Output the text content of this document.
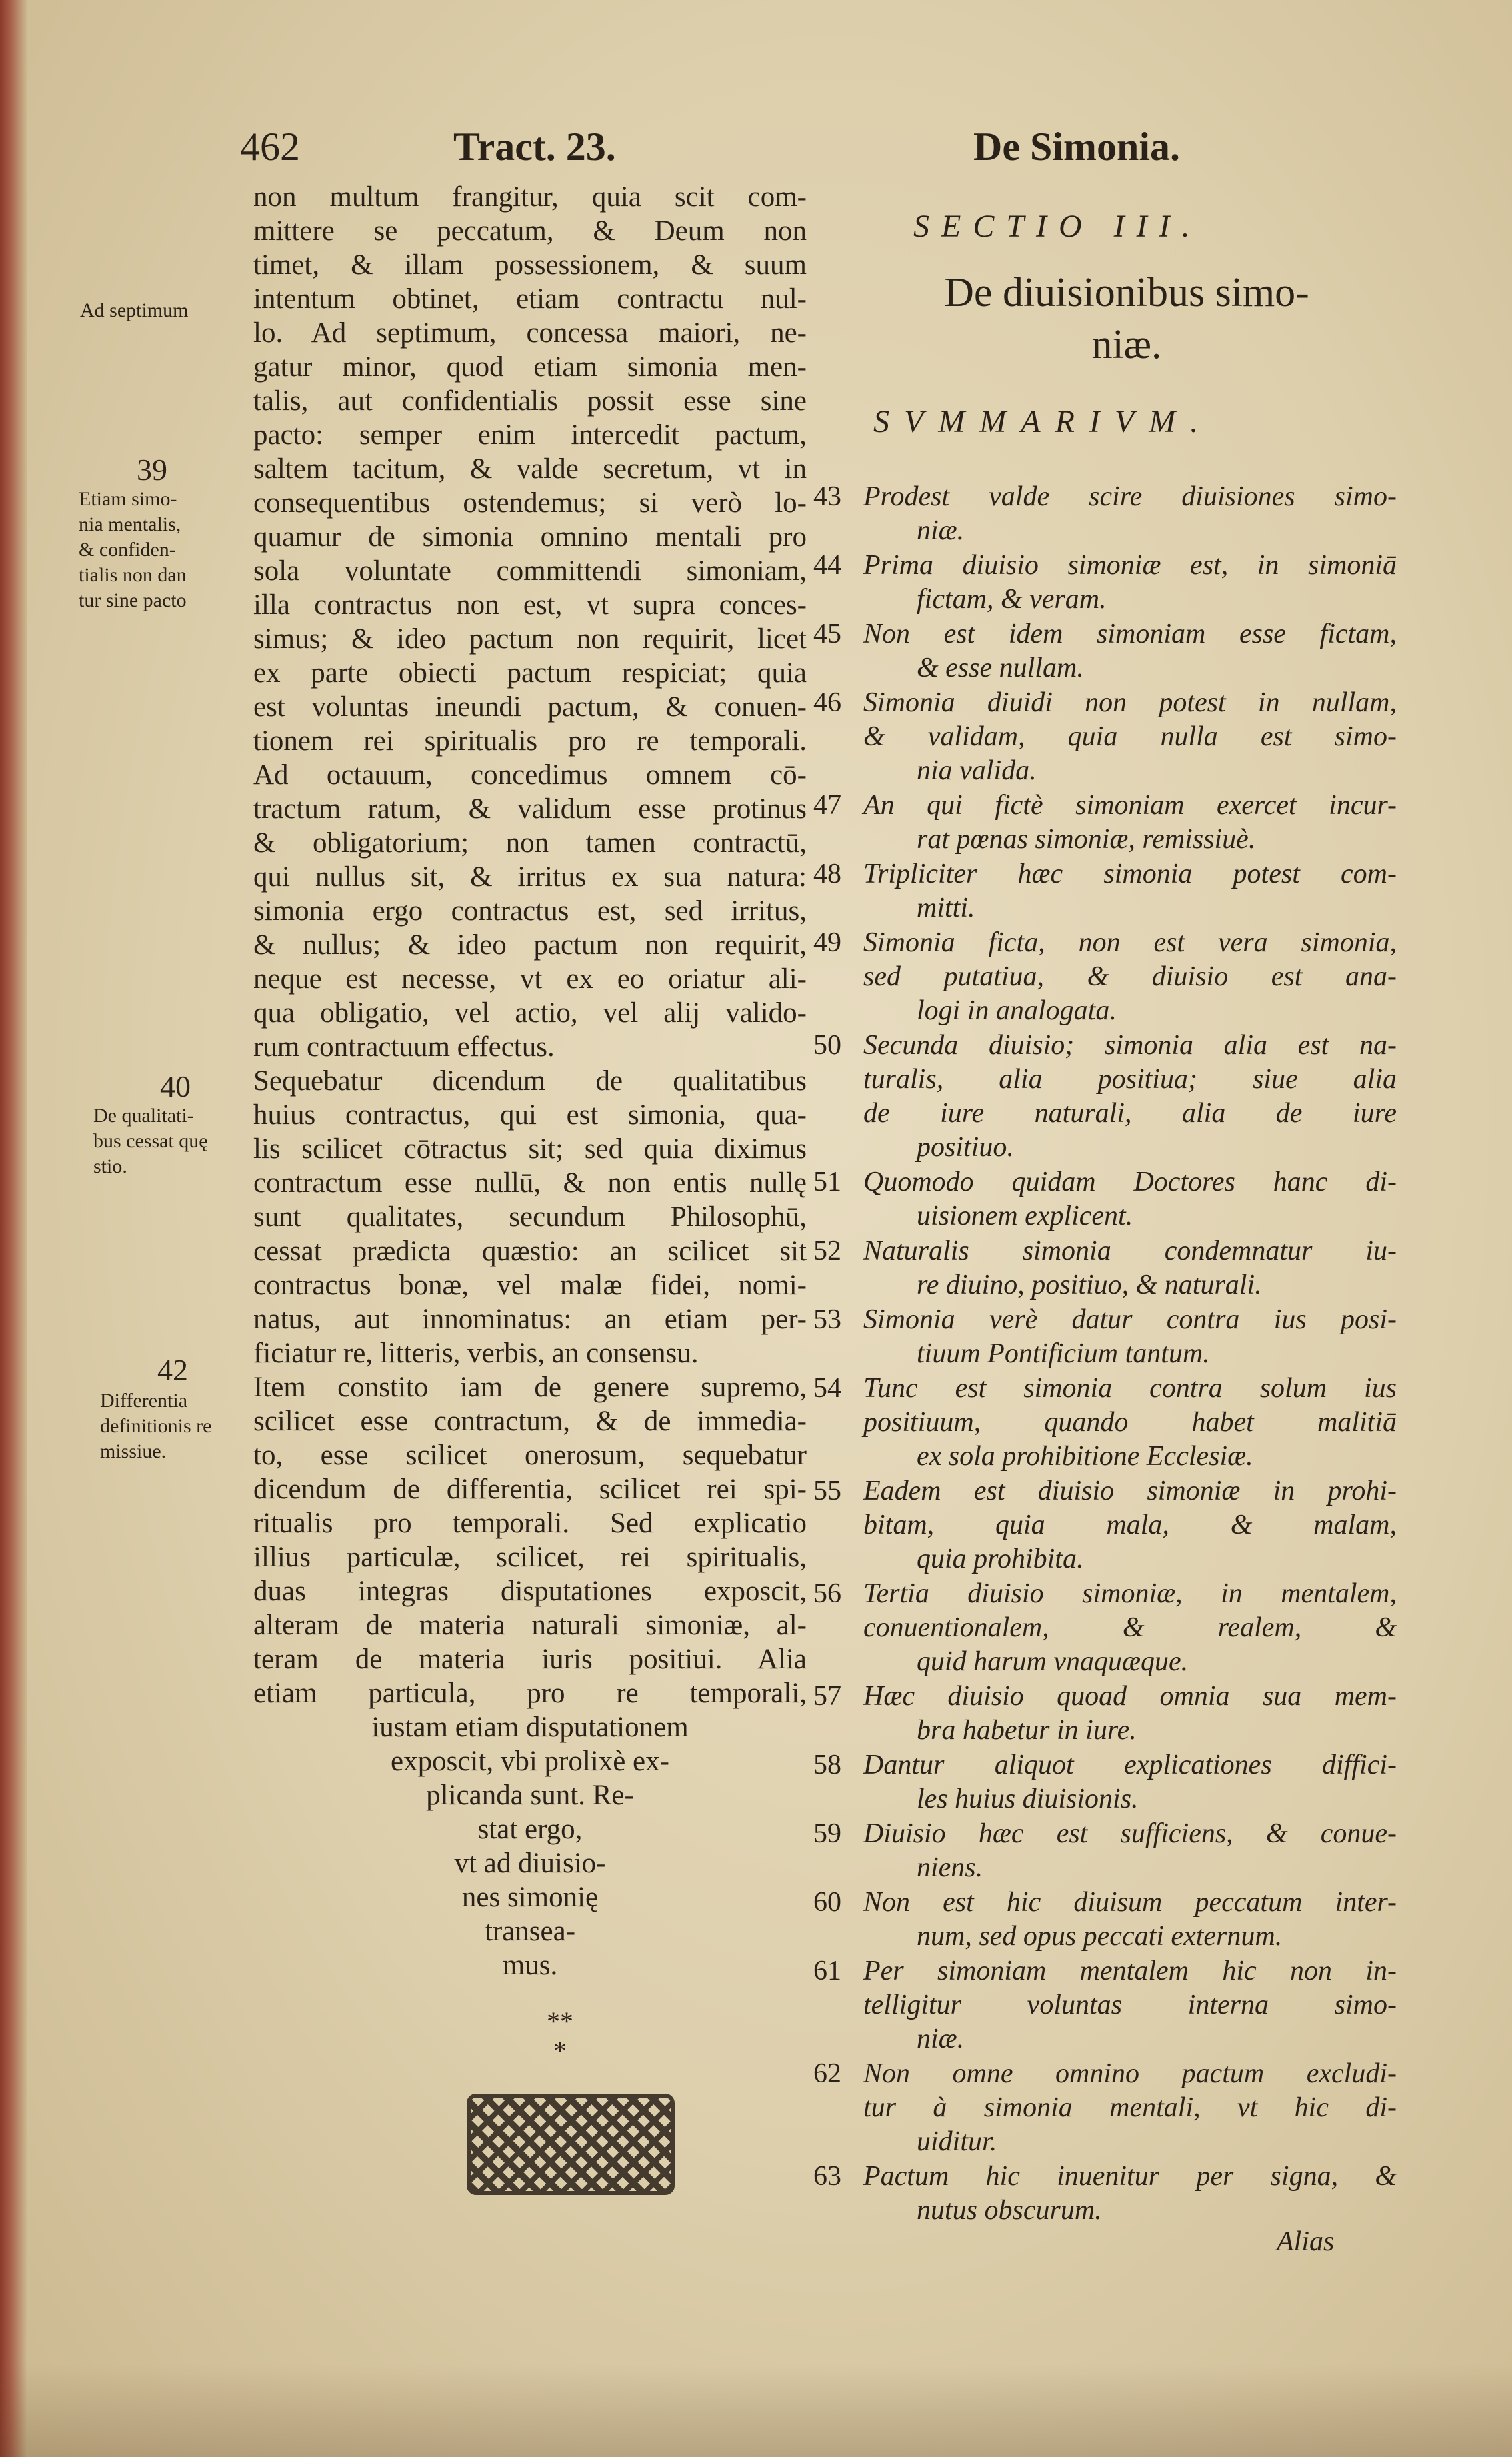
462	Tract. 23.	De Simonia.
non multum frangitur, quia scit com-
mittere se peccatum, & Deum non
timet, & illam possessionem, & suum
intentum obtinet, etiam contractu nul-
lo. Ad septimum, concessa maiori, ne-
gatur minor, quod etiam simonia men-
talis, aut confidentialis possit esse sine
pacto: semper enim intercedit pactum,
saltem tacitum, & valde secretum, vt in
consequentibus ostendemus; si verò lo-
quamur de simonia omnino mentali pro
sola voluntate committendi simoniam,
illa contractus non est, vt supra conces-
simus; & ideo pactum non requirit, licet
ex parte obiecti pactum respiciat; quia
est voluntas ineundi pactum, & conuen-
tionem rei spiritualis pro re temporali.
Ad octauum, concedimus omnem cō-
tractum ratum, & validum esse protinus
& obligatorium; non tamen contractū,
qui nullus sit, & irritus ex sua natura:
simonia ergo contractus est, sed irritus,
& nullus; & ideo pactum non requirit,
neque est necesse, vt ex eo oriatur ali-
qua obligatio, vel actio, vel alij valido-
rum contractuum effectus.
Sequebatur dicendum de qualitatibus
huius contractus, qui est simonia, qua-
lis scilicet cōtractus sit; sed quia diximus
contractum esse nullū, & non entis nullę
sunt qualitates, secundum Philosophū,
cessat prædicta quæstio: an scilicet sit
contractus bonæ, vel malæ fidei, nomi-
natus, aut innominatus: an etiam per-
ficiatur re, litteris, verbis, an consensu.
Item constito iam de genere supremo,
scilicet esse contractum, & de immedia-
to, esse scilicet onerosum, sequebatur
dicendum de differentia, scilicet rei spi-
ritualis pro temporali. Sed explicatio
illius particulæ, scilicet, rei spiritualis,
duas integras disputationes exposcit,
alteram de materia naturali simoniæ, al-
teram de materia iuris positiui. Alia
etiam particula, pro re temporali,
iustam etiam disputationem
exposcit, vbi prolixè ex-
plicanda sunt. Re-
stat ergo,
vt ad diuisio-
nes simonię
transea-
mus.
**
*
Ad septimum
39
Etiam simo-
nia mentalis,
& confiden-
tialis non dan
tur sine pacto
40
De qualitati-
bus cessat quę
stio.
42
Differentia
definitionis re
missiue.
SECTIO III.
De diuisionibus simo-
niæ.
SVMMARIVM.
43 Prodest valde scire diuisiones simo-
niæ.
44 Prima diuisio simoniæ est, in simoniā
fictam, & veram.
45 Non est idem simoniam esse fictam,
& esse nullam.
46 Simonia diuidi non potest in nullam,
& validam, quia nulla est simo-
nia valida.
47 An qui fictè simoniam exercet incur-
rat pœnas simoniæ, remissiuè.
48 Tripliciter hæc simonia potest com-
mitti.
49 Simonia ficta, non est vera simonia,
sed putatiua, & diuisio est ana-
logi in analogata.
50 Secunda diuisio; simonia alia est na-
turalis, alia positiua; siue alia
de iure naturali, alia de iure
positiuo.
51 Quomodo quidam Doctores hanc di-
uisionem explicent.
52 Naturalis simonia condemnatur iu-
re diuino, positiuo, & naturali.
53 Simonia verè datur contra ius posi-
tiuum Pontificium tantum.
54 Tunc est simonia contra solum ius
positiuum, quando habet malitiā
ex sola prohibitione Ecclesiæ.
55 Eadem est diuisio simoniæ in prohi-
bitam, quia mala, & malam,
quia prohibita.
56 Tertia diuisio simoniæ, in mentalem,
conuentionalem, & realem, &
quid harum vnaquæque.
57 Hæc diuisio quoad omnia sua mem-
bra habetur in iure.
58 Dantur aliquot explicationes diffici-
les huius diuisionis.
59 Diuisio hæc est sufficiens, & conue-
niens.
60 Non est hic diuisum peccatum inter-
num, sed opus peccati externum.
61 Per simoniam mentalem hic non in-
telligitur voluntas interna simo-
niæ.
62 Non omne omnino pactum excludi-
tur à simonia mentali, vt hic di-
uiditur.
63 Pactum hic inuenitur per signa, &
nutus obscurum.
Alias
